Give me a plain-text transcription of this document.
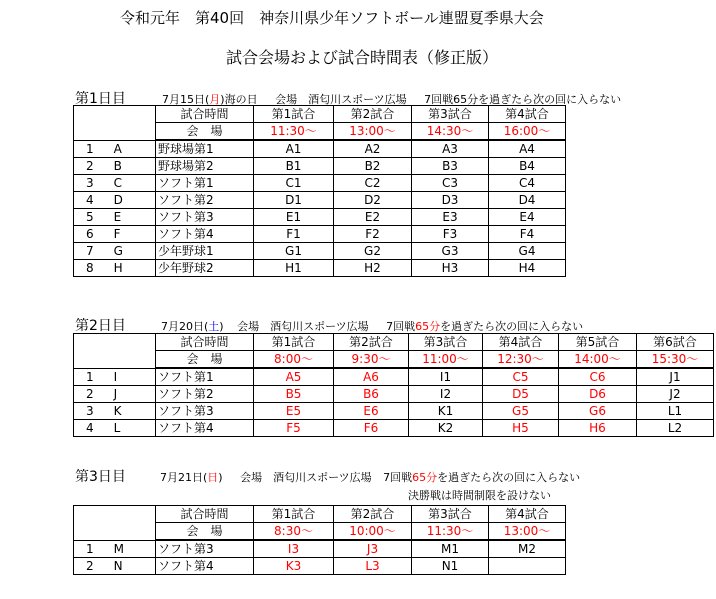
令和元年　第40回　神奈川県少年ソフトボール連盟夏季県大会
試合会場および試合時間表（修正版）
第1日目	7月15日(月)海の日 会場　酒匂川スポーツ広場 7回戦65分を過ぎたら次の回に入らない
	試合時間	第1試合	第2試合	第3試合	第4試合
	会　場	11:30～	13:00～	14:30～	16:00～
1 A	野球場第1	A1	A2	A3	A4
2 B	野球場第2	B1	B2	B3	B4
3 C	ソフト第1	C1	C2	C3	C4
4 D	ソフト第2	D1	D2	D3	D4
5 E	ソフト第3	E1	E2	E3	E4
6 F	ソフト第4	F1	F2	F3	F4
7 G	少年野球1	G1	G2	G3	G4
8 H	少年野球2	H1	H2	H3	H4
第2日目	7月20日(土) 会場　酒匂川スポーツ広場 7回戦65分を過ぎたら次の回に入らない
	試合時間	第1試合	第2試合	第3試合	第4試合	第5試合	第6試合
	会　場	8:00～	9:30～	11:00～	12:30～	14:00～	15:30～
1 I	ソフト第1	A5	A6	I1	C5	C6	J1
2 J	ソフト第2	B5	B6	I2	D5	D6	J2
3 K	ソフト第3	E5	E6	K1	G5	G6	L1
4 L	ソフト第4	F5	F6	K2	H5	H6	L2
第3日目	7月21日(日) 会場　酒匂川スポーツ広場 7回戦65分を過ぎたら次の回に入らない
決勝戦は時間制限を設けない
	試合時間	第1試合	第2試合	第3試合	第4試合
	会　場	8:30～	10:00～	11:30～	13:00～
1 M	ソフト第3	I3	J3	M1	M2
2 N	ソフト第4	K3	L3	N1	
